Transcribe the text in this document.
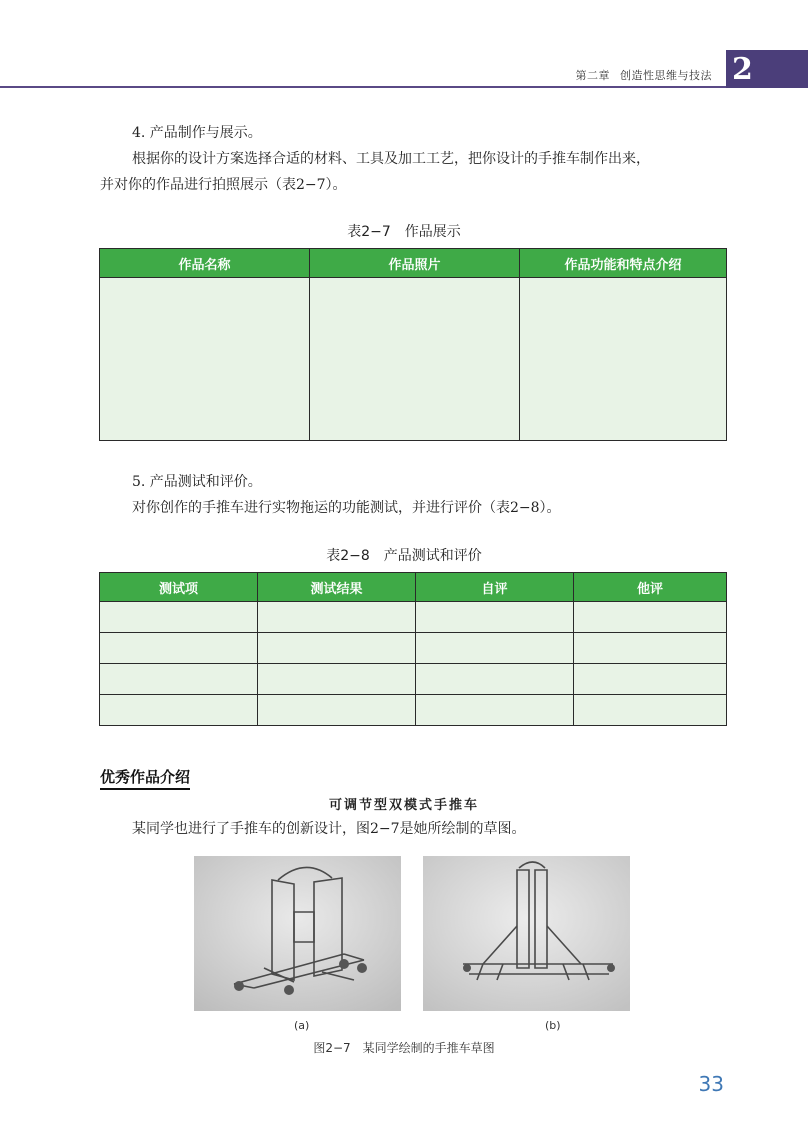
第二章 创造性思维与技法 2
4. 产品制作与展示。
根据你的设计方案选择合适的材料、工具及加工工艺，把你设计的手推车制作出来，
并对你的作品进行拍照展示（表2−7）。
表2−7　作品展示
作品名称	作品照片	作品功能和特点介绍

5. 产品测试和评价。
对你创作的手推车进行实物拖运的功能测试，并进行评价（表2−8）。
表2−8　产品测试和评价
测试项	测试结果	自评	他评

优秀作品介绍
可调节型双模式手推车
某同学也进行了手推车的创新设计，图2−7是她所绘制的草图。
(a)	(b)
图2−7　某同学绘制的手推车草图
33
